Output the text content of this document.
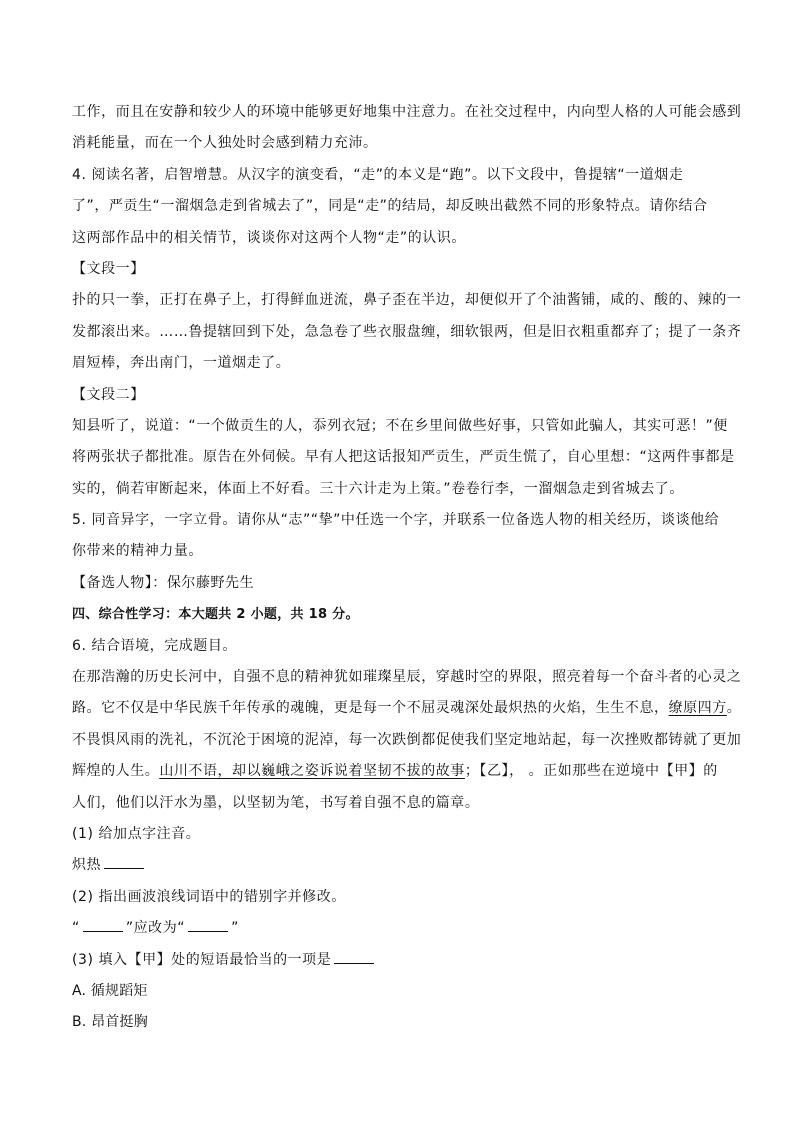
工作，而且在安静和较少人的环境中能够更好地集中注意力。在社交过程中，内向型人格的人可能会感到
消耗能量，而在一个人独处时会感到精力充沛。
4. 阅读名著，启智增慧。从汉字的演变看，“走”的本义是“跑”。以下文段中，鲁提辖“一道烟走
了”，严贡生“一溜烟急走到省城去了”，同是“走”的结局，却反映出截然不同的形象特点。请你结合
这两部作品中的相关情节，谈谈你对这两个人物“走”的认识。
【文段一】
扑的只一拳，正打在鼻子上，打得鲜血迸流，鼻子歪在半边，却便似开了个油酱铺，咸的、酸的、辣的一
发都滚出来。……鲁提辖回到下处，急急卷了些衣服盘缠，细软银两，但是旧衣粗重都弃了；提了一条齐
眉短棒，奔出南门，一道烟走了。
【文段二】
知县听了，说道：“一个做贡生的人，忝列衣冠；不在乡里间做些好事，只管如此骗人，其实可恶！”便
将两张状子都批准。原告在外伺候。早有人把这话报知严贡生，严贡生慌了，自心里想：“这两件事都是
实的，倘若审断起来，体面上不好看。三十六计走为上策。”卷卷行李，一溜烟急走到省城去了。
5. 同音异字，一字立骨。请你从“志”“挚”中任选一个字，并联系一位备选人物的相关经历，谈谈他给
你带来的精神力量。
【备选人物】：保尔藤野先生
四、综合性学习：本大题共 2 小题，共 18 分。
6. 结合语境，完成题目。
在那浩瀚的历史长河中，自强不息的精神犹如璀璨星辰，穿越时空的界限，照亮着每一个奋斗者的心灵之
路。它不仅是中华民族千年传承的魂魄，更是每一个不屈灵魂深处最炽热的火焰，生生不息，缭原四方。
不畏惧风雨的洗礼，不沉沦于困境的泥淖，每一次跌倒都促使我们坚定地站起，每一次挫败都铸就了更加
辉煌的人生。山川不语，却以巍峨之姿诉说着坚韧不拔的故事；【乙】， 。正如那些在逆境中【甲】的
人们，他们以汗水为墨，以坚韧为笔，书写着自强不息的篇章。
(1) 给加点字注音。
炽热
(2) 指出画波浪线词语中的错别字并修改。
“	”应改为“	”
(3) 填入【甲】处的短语最恰当的一项是
A. 循规蹈矩
B. 昂首挺胸
